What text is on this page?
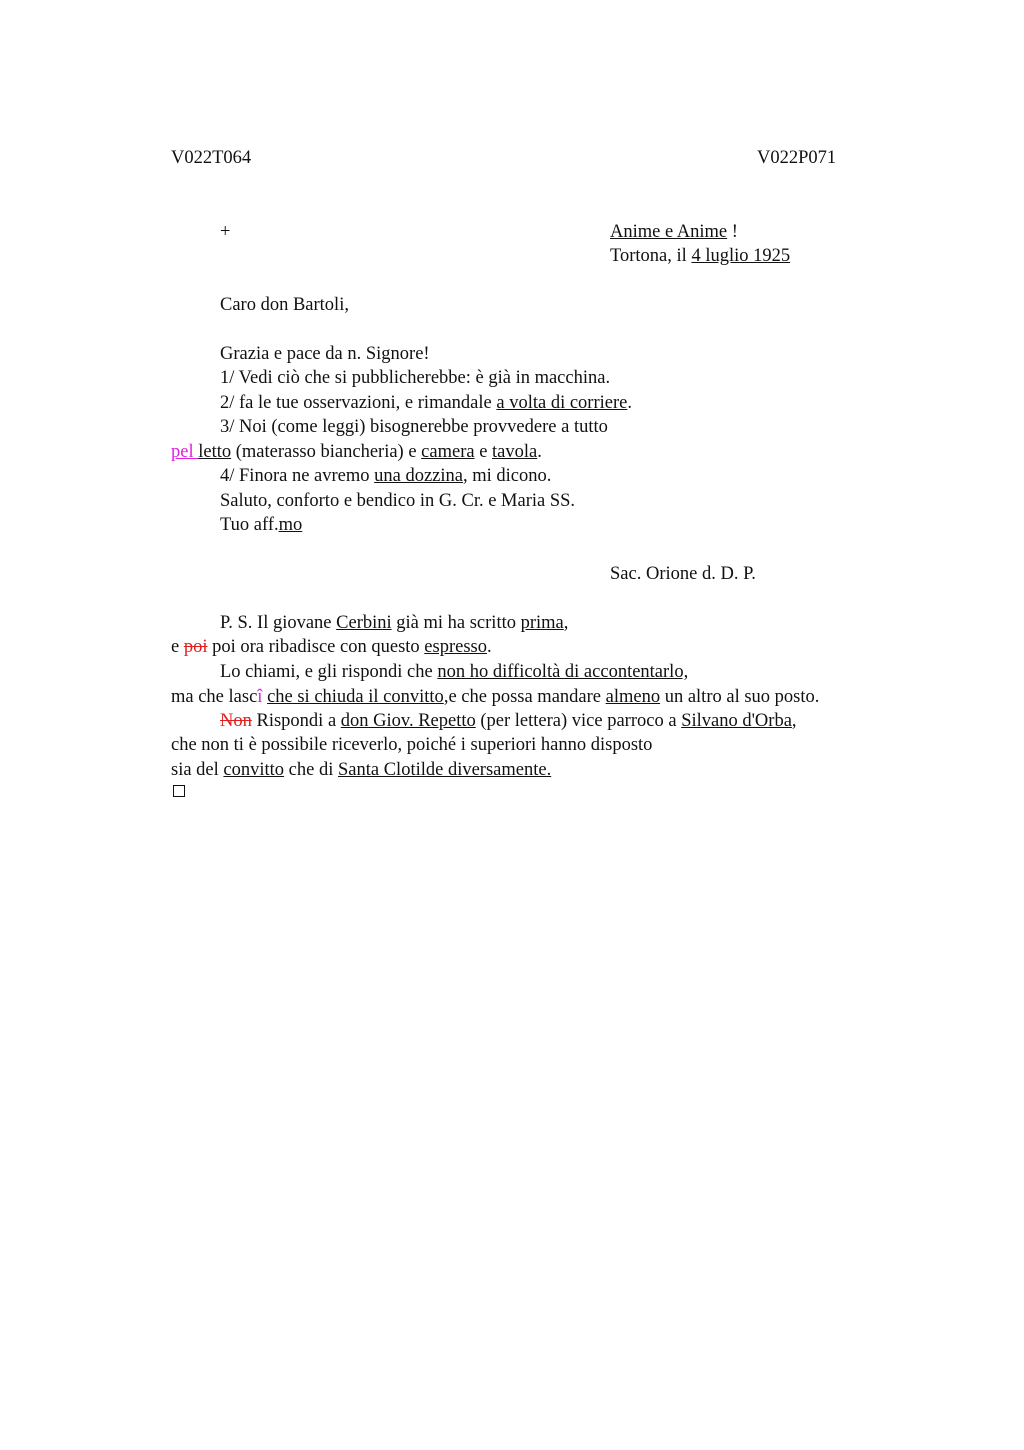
V022T064	V022P071
+	Anime e Anime !
Tortona, il 4 luglio 1925
Caro don Bartoli,
Grazia e pace da n. Signore!
1/ Vedi ciò che si pubblicherebbe: è già in macchina.
2/ fa le tue osservazioni, e rimandale a volta di corriere.
3/ Noi (come leggi) bisognerebbe provvedere a tutto
pel letto (materasso biancheria) e camera e tavola.
4/ Finora ne avremo una dozzina, mi dicono.
Saluto, conforto e bendico in G. Cr. e Maria SS.
Tuo aff.mo
Sac. Orione d. D. P.
P. S. Il giovane Cerbini già mi ha scritto prima,
e poi poi ora ribadisce con questo espresso.
Lo chiami, e gli rispondi che non ho difficoltà di accontentarlo,
ma che lascî che si chiuda il convitto,e che possa mandare almeno un altro al suo posto.
Non Rispondi a don Giov. Repetto (per lettera) vice parroco a Silvano d'Orba,
che non ti è possibile riceverlo, poiché i superiori hanno disposto
sia del convitto che di Santa Clotilde diversamente.
